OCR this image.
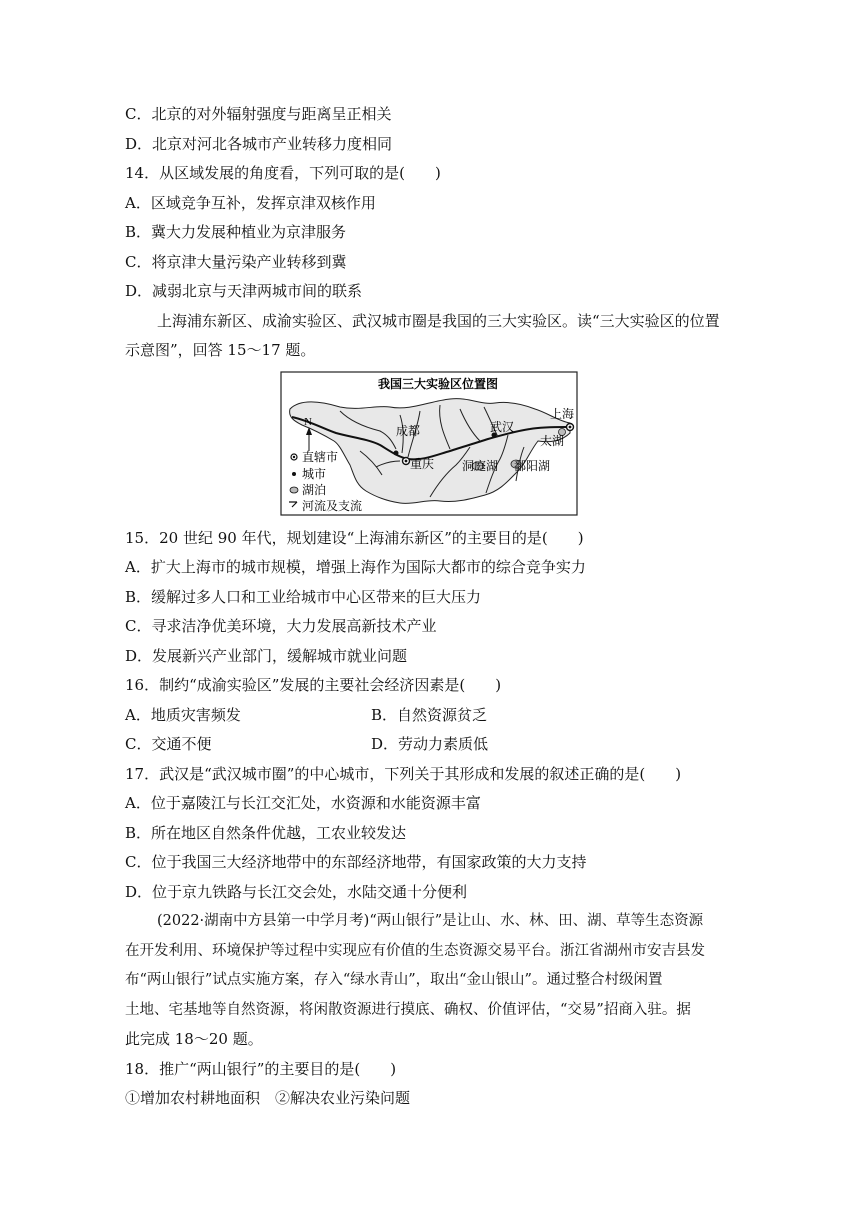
C．北京的对外辐射强度与距离呈正相关
D．北京对河北各城市产业转移力度相同
14．从区域发展的角度看，下列可取的是(　　)
A．区域竞争互补，发挥京津双核作用
B．冀大力发展种植业为京津服务
C．将京津大量污染产业转移到冀
D．减弱北京与天津两城市间的联系
上海浦东新区、成渝实验区、武汉城市圈是我国的三大实验区。读“三大实验区的位置
示意图”，回答 15～17 题。
N
我国三大实验区位置图
成都
重庆
武汉
上海
太湖
洞庭湖 鄱阳湖
直辖市
城市
湖泊
河流及支流
15．20 世纪 90 年代，规划建设“上海浦东新区”的主要目的是(　　)
A．扩大上海市的城市规模，增强上海作为国际大都市的综合竞争实力
B．缓解过多人口和工业给城市中心区带来的巨大压力
C．寻求洁净优美环境，大力发展高新技术产业
D．发展新兴产业部门，缓解城市就业问题
16．制约“成渝实验区”发展的主要社会经济因素是(　　)
A．地质灾害频发	B．自然资源贫乏
C．交通不便	D．劳动力素质低
17．武汉是“武汉城市圈”的中心城市，下列关于其形成和发展的叙述正确的是(　　)
A．位于嘉陵江与长江交汇处，水资源和水能资源丰富
B．所在地区自然条件优越，工农业较发达
C．位于我国三大经济地带中的东部经济地带，有国家政策的大力支持
D．位于京九铁路与长江交会处，水陆交通十分便利
(2022·湖南中方县第一中学月考)“两山银行”是让山、水、林、田、湖、草等生态资源
在开发利用、环境保护等过程中实现应有价值的生态资源交易平台。浙江省湖州市安吉县发
布“两山银行”试点实施方案，存入“绿水青山”，取出“金山银山”。通过整合村级闲置
土地、宅基地等自然资源，将闲散资源进行摸底、确权、价值评估，“交易”招商入驻。据
此完成 18～20 题。
18．推广“两山银行”的主要目的是(　　)
①增加农村耕地面积　②解决农业污染问题
